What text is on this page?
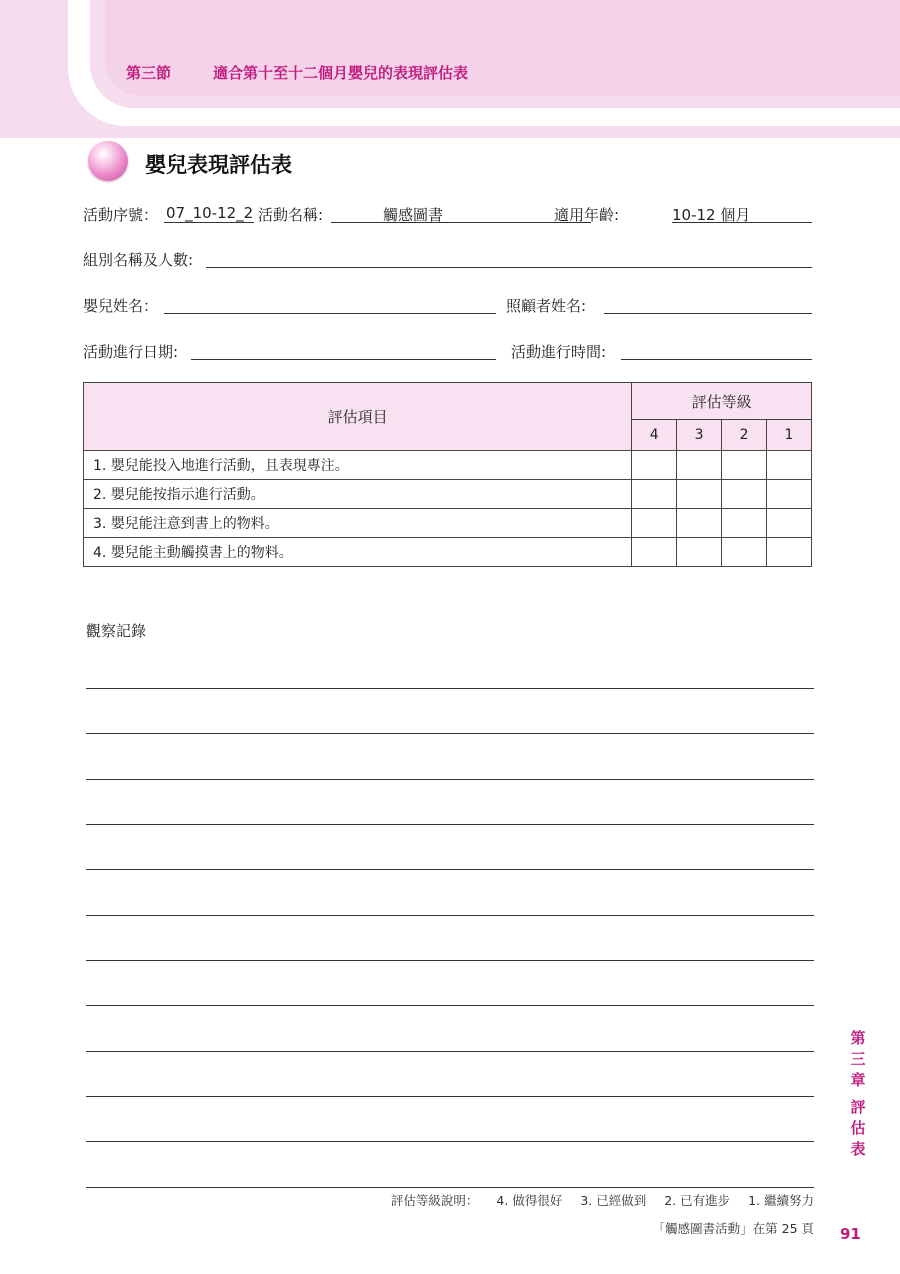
第三節	適合第十至十二個月嬰兒的表現評估表
嬰兒表現評估表
活動序號： 07_10-12_2 活動名稱:	觸感圖書	適用年齡:	10-12 個月
組別名稱及人數:
嬰兒姓名：	照顧者姓名:
活動進行日期:	活動進行時間:
評估項目	評估等級			
	4	3	2	1
1. 嬰兒能投入地進行活動，且表現專注。				
2. 嬰兒能按指示進行活動。				
3. 嬰兒能注意到書上的物料。				
4. 嬰兒能主動觸摸書上的物料。				
觀察記錄
第
三
章
評
估
表
評估等級說明： 4. 做得很好 3. 已經做到 2. 已有進步 1. 繼續努力
「觸感圖書活動」在第 25 頁 91
